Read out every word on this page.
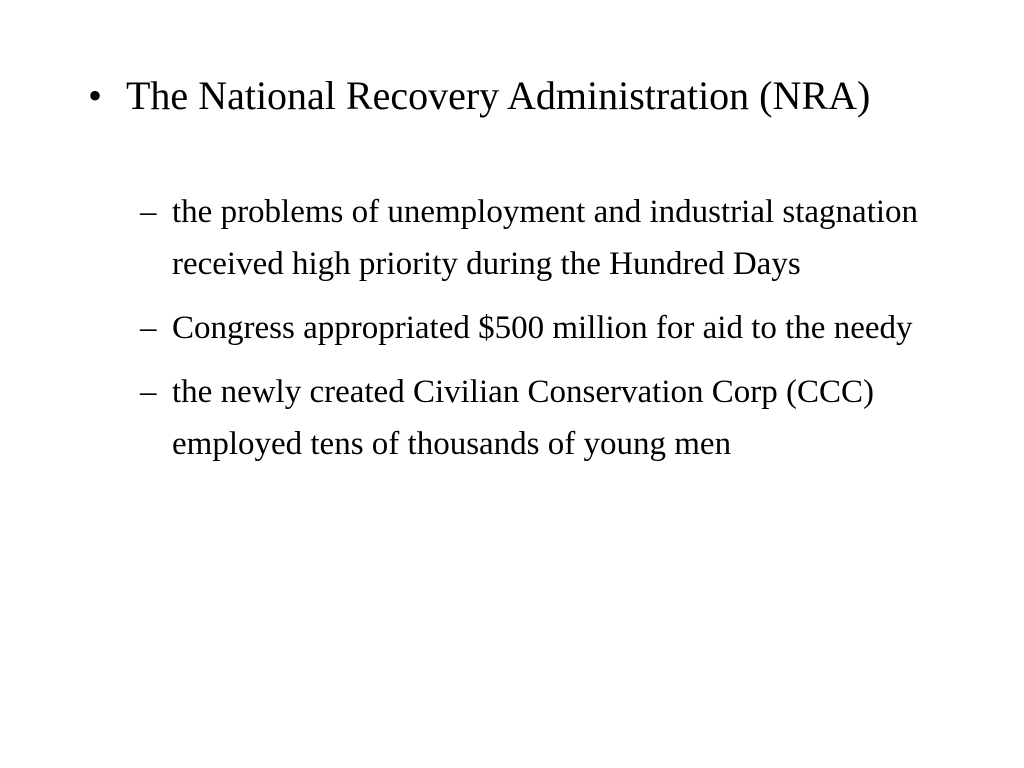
• The National Recovery Administration (NRA)
– the problems of unemployment and industrial stagnation received high priority during the Hundred Days
– Congress appropriated $500 million for aid to the needy
– the newly created Civilian Conservation Corp (CCC) employed tens of thousands of young men
